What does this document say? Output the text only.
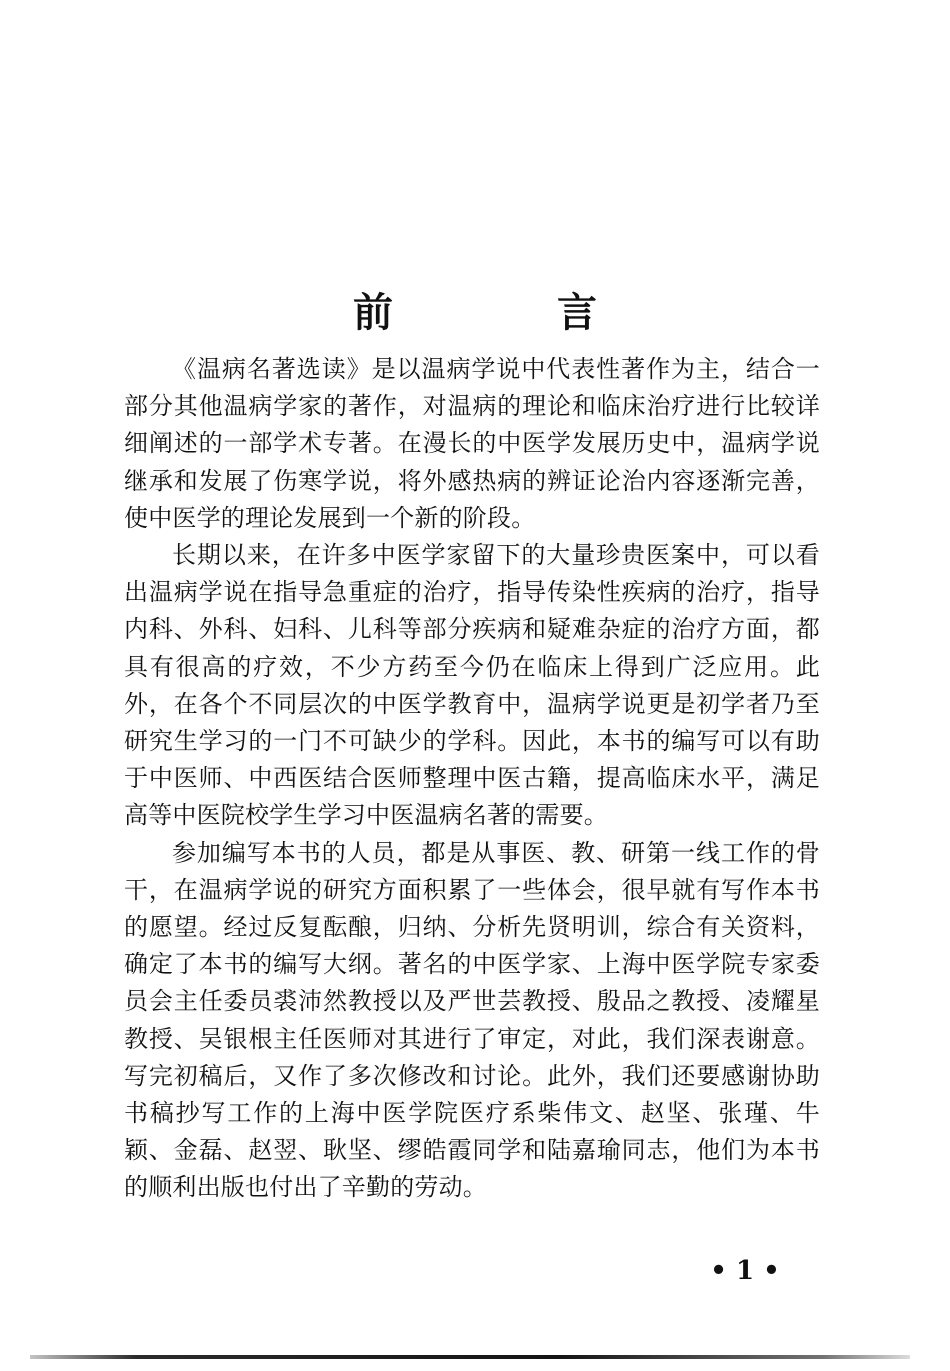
前　言

《温病名著选读》是以温病学说中代表性著作为主，结合一部分其他温病学家的著作，对温病的理论和临床治疗进行比较详细阐述的一部学术专著。在漫长的中医学发展历史中，温病学说继承和发展了伤寒学说，将外感热病的辨证论治内容逐渐完善，使中医学的理论发展到一个新的阶段。

长期以来，在许多中医学家留下的大量珍贵医案中，可以看出温病学说在指导急重症的治疗，指导传染性疾病的治疗，指导内科、外科、妇科、儿科等部分疾病和疑难杂症的治疗方面，都具有很高的疗效，不少方药至今仍在临床上得到广泛应用。此外，在各个不同层次的中医学教育中，温病学说更是初学者乃至研究生学习的一门不可缺少的学科。因此，本书的编写可以有助于中医师、中西医结合医师整理中医古籍，提高临床水平，满足高等中医院校学生学习中医温病名著的需要。

参加编写本书的人员，都是从事医、教、研第一线工作的骨干，在温病学说的研究方面积累了一些体会，很早就有写作本书的愿望。经过反复酝酿，归纳、分析先贤明训，综合有关资料，确定了本书的编写大纲。著名的中医学家、上海中医学院专家委员会主任委员裘沛然教授以及严世芸教授、殷品之教授、凌耀星教授、吴银根主任医师对其进行了审定，对此，我们深表谢意。写完初稿后，又作了多次修改和讨论。此外，我们还要感谢协助书稿抄写工作的上海中医学院医疗系柴伟文、赵坚、张瑾、牛颖、金磊、赵翌、耿坚、缪皓霞同学和陆嘉瑜同志，他们为本书的顺利出版也付出了辛勤的劳动。

• 1 •
